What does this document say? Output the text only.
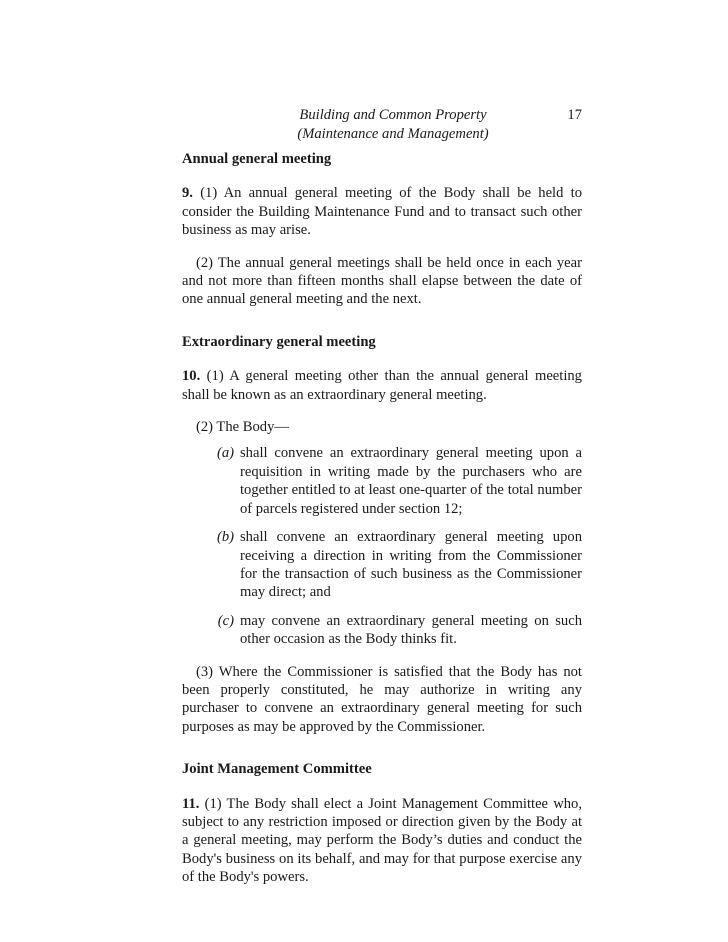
Building and Common Property
(Maintenance and Management)
17

Annual general meeting

9. (1) An annual general meeting of the Body shall be held to consider the Building Maintenance Fund and to transact such other business as may arise.

(2) The annual general meetings shall be held once in each year and not more than fifteen months shall elapse between the date of one annual general meeting and the next.

Extraordinary general meeting

10. (1) A general meeting other than the annual general meeting shall be known as an extraordinary general meeting.

(2) The Body—

(a) shall convene an extraordinary general meeting upon a requisition in writing made by the purchasers who are together entitled to at least one-quarter of the total number of parcels registered under section 12;
(b) shall convene an extraordinary general meeting upon receiving a direction in writing from the Commissioner for the transaction of such business as the Commissioner may direct; and
(c) may convene an extraordinary general meeting on such other occasion as the Body thinks fit.

(3) Where the Commissioner is satisfied that the Body has not been properly constituted, he may authorize in writing any purchaser to convene an extraordinary general meeting for such purposes as may be approved by the Commissioner.

Joint Management Committee

11. (1) The Body shall elect a Joint Management Committee who, subject to any restriction imposed or direction given by the Body at a general meeting, may perform the Body’s duties and conduct the Body's business on its behalf, and may for that purpose exercise any of the Body's powers.
